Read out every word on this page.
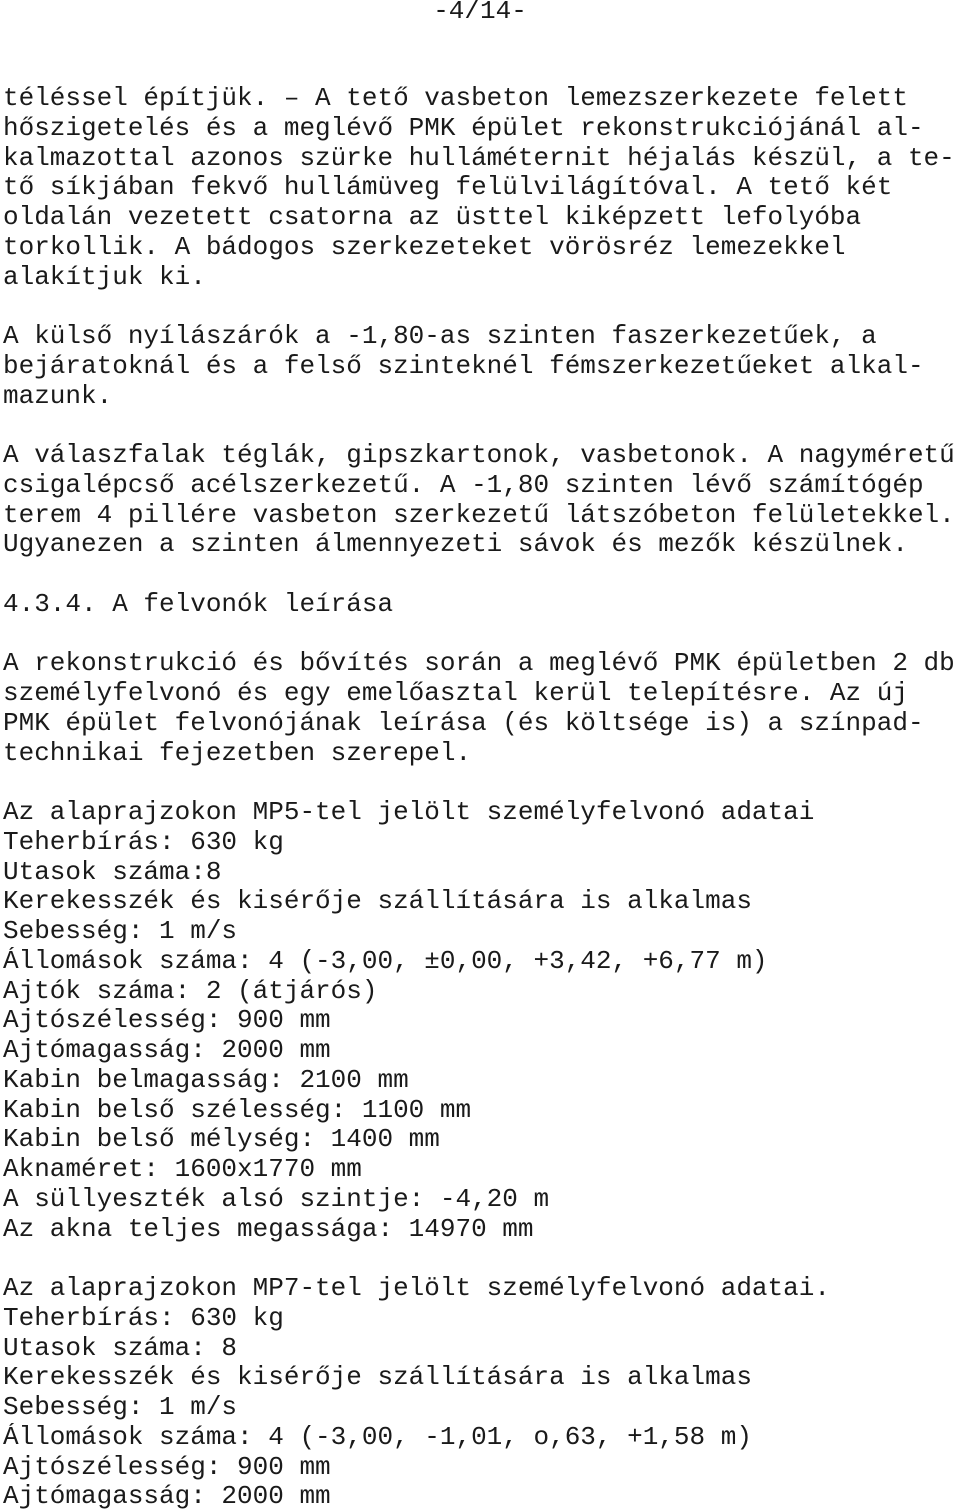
-4/14-
téléssel építjük. – A tető vasbeton lemezszerkezete felett
hőszigetelés és a meglévő PMK épület rekonstrukciójánál al-
kalmazottal azonos szürke hulláméternit héjalás készül, a te-
tő síkjában fekvő hullámüveg felülvilágítóval. A tető két
oldalán vezetett csatorna az üsttel kiképzett lefolyóba
torkollik. A bádogos szerkezeteket vörösréz lemezekkel
alakítjuk ki.
A külső nyílászárók a -1,80-as szinten faszerkezetűek, a
bejáratoknál és a felső szinteknél fémszerkezetűeket alkal-
mazunk.
A válaszfalak téglák, gipszkartonok, vasbetonok. A nagyméretű
csigalépcső acélszerkezetű. A -1,80 szinten lévő számítógép
terem 4 pillére vasbeton szerkezetű látszóbeton felületekkel.
Ugyanezen a szinten álmennyezeti sávok és mezők készülnek.
4.3.4. A felvonók leírása
A rekonstrukció és bővítés során a meglévő PMK épületben 2 db
személyfelvonó és egy emelőasztal kerül telepítésre. Az új
PMK épület felvonójának leírása (és költsége is) a színpad-
technikai fejezetben szerepel.
Az alaprajzokon MP5-tel jelölt személyfelvonó adatai
Teherbírás: 630 kg
Utasok száma:8
Kerekesszék és kisérője szállítására is alkalmas
Sebesség: 1 m/s
Állomások száma: 4 (-3,00, ±0,00, +3,42, +6,77 m)
Ajtók száma: 2 (átjárós)
Ajtószélesség: 900 mm
Ajtómagasság: 2000 mm
Kabin belmagasság: 2100 mm
Kabin belső szélesség: 1100 mm
Kabin belső mélység: 1400 mm
Aknaméret: 1600x1770 mm
A süllyeszték alsó szintje: -4,20 m
Az akna teljes megassága: 14970 mm
Az alaprajzokon MP7-tel jelölt személyfelvonó adatai.
Teherbírás: 630 kg
Utasok száma: 8
Kerekesszék és kisérője szállítására is alkalmas
Sebesség: 1 m/s
Állomások száma: 4 (-3,00, -1,01, o,63, +1,58 m)
Ajtószélesség: 900 mm
Ajtómagasság: 2000 mm
